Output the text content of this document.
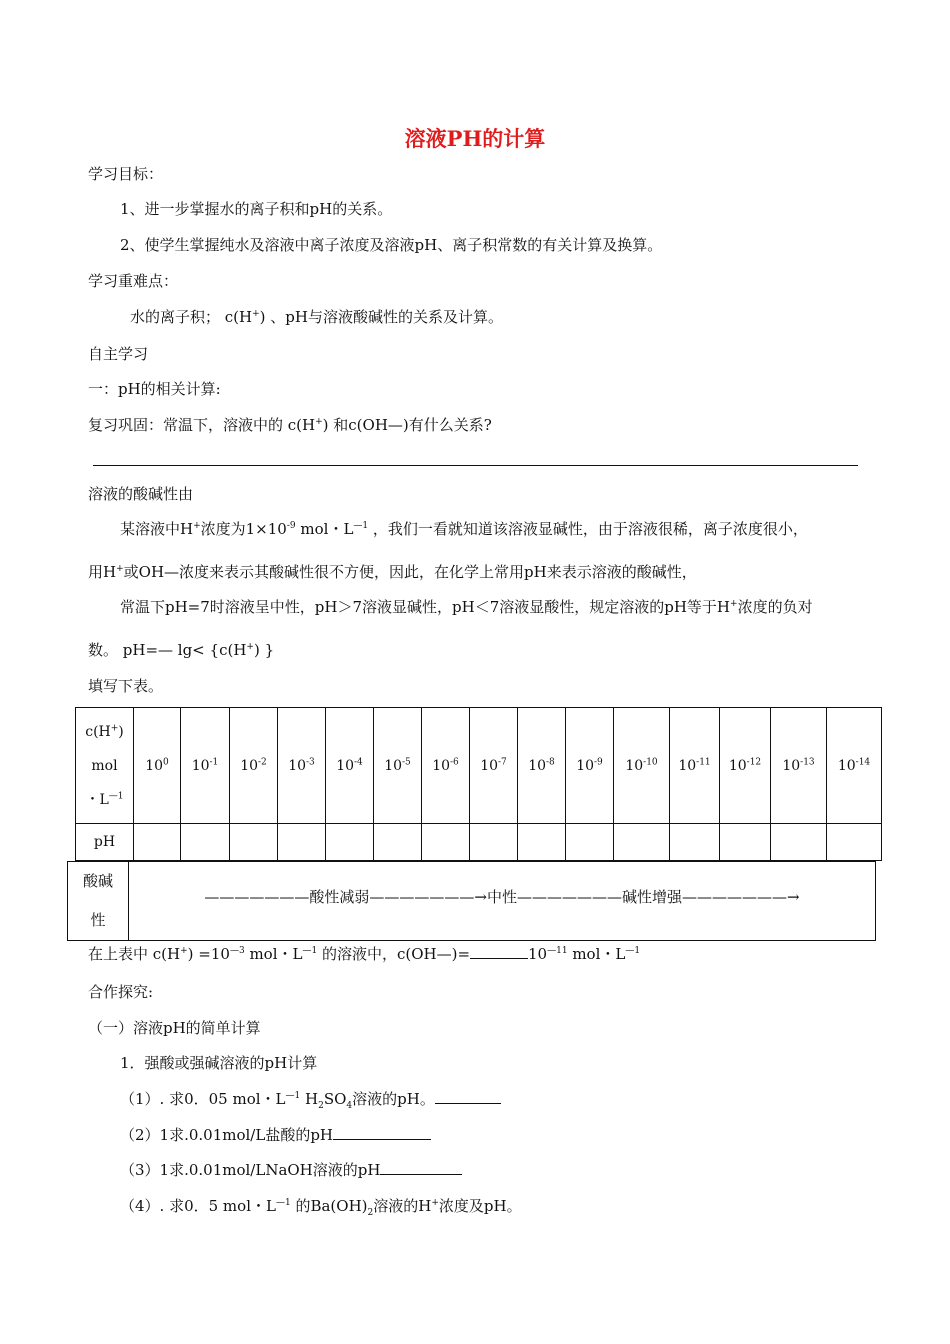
溶液PH的计算
学习目标：
1、进一步掌握水的离子积和pH的关系。
2、使学生掌握纯水及溶液中离子浓度及溶液pH、离子积常数的有关计算及换算。
学习重难点：
水的离子积； c(H+) 、pH与溶液酸碱性的关系及计算。
自主学习
一：pH的相关计算:
复习巩固：常温下，溶液中的 c(H+) 和c(OH—)有什么关系?
溶液的酸碱性由
某溶液中H+浓度为$1\times 10^{-9}$ mol・$L^{—1}$ ，我们一看就知道该溶液显碱性，由于溶液很稀，离子浓度很小，
用H+或OH—浓度来表示其酸碱性很不方便，因此，在化学上常用pH来表示溶液的酸碱性，
常温下pH=7时溶液呈中性，pH＞7溶液显碱性，pH＜7溶液显酸性，规定溶液的pH等于H+浓度的负对
数。 pH=— lg< {c(H+) }
填写下表。
c(H+)
mol
・$L^{—1}$	$10^0$	$10^{-1}$	$10^{-2}$	$10^{-3}$	$10^{-4}$	$10^{-5}$	$10^{-6}$	$10^{-7}$	$10^{-8}$	$10^{-9}$	$10^{-10}$	$10^{-11}$	$10^{-12}$	$10^{-13}$	$10^{-14}$
pH															
酸碱
性
———————酸性减弱———————→中性———————碱性增强———————→
在上表中 $c(H^+) =10^{—3}$ mol・$L^{—1}$ 的溶液中，c(OH—)=	$10^{—11}$ mol・$L^{—1}$
合作探究:
（一）溶液pH的简单计算
1．强酸或强碱溶液的pH计算
（1）. 求0．05 mol・$L^{—1}$ $H_2SO_4$溶液的pH。
（2）1求.0.01mol/L盐酸的pH
（3）1求.0.01mol/LNaOH溶液的pH
（4）. 求0．5 mol・$L^{—1}$ 的$Ba(OH)_2$溶液的H+浓度及pH。
